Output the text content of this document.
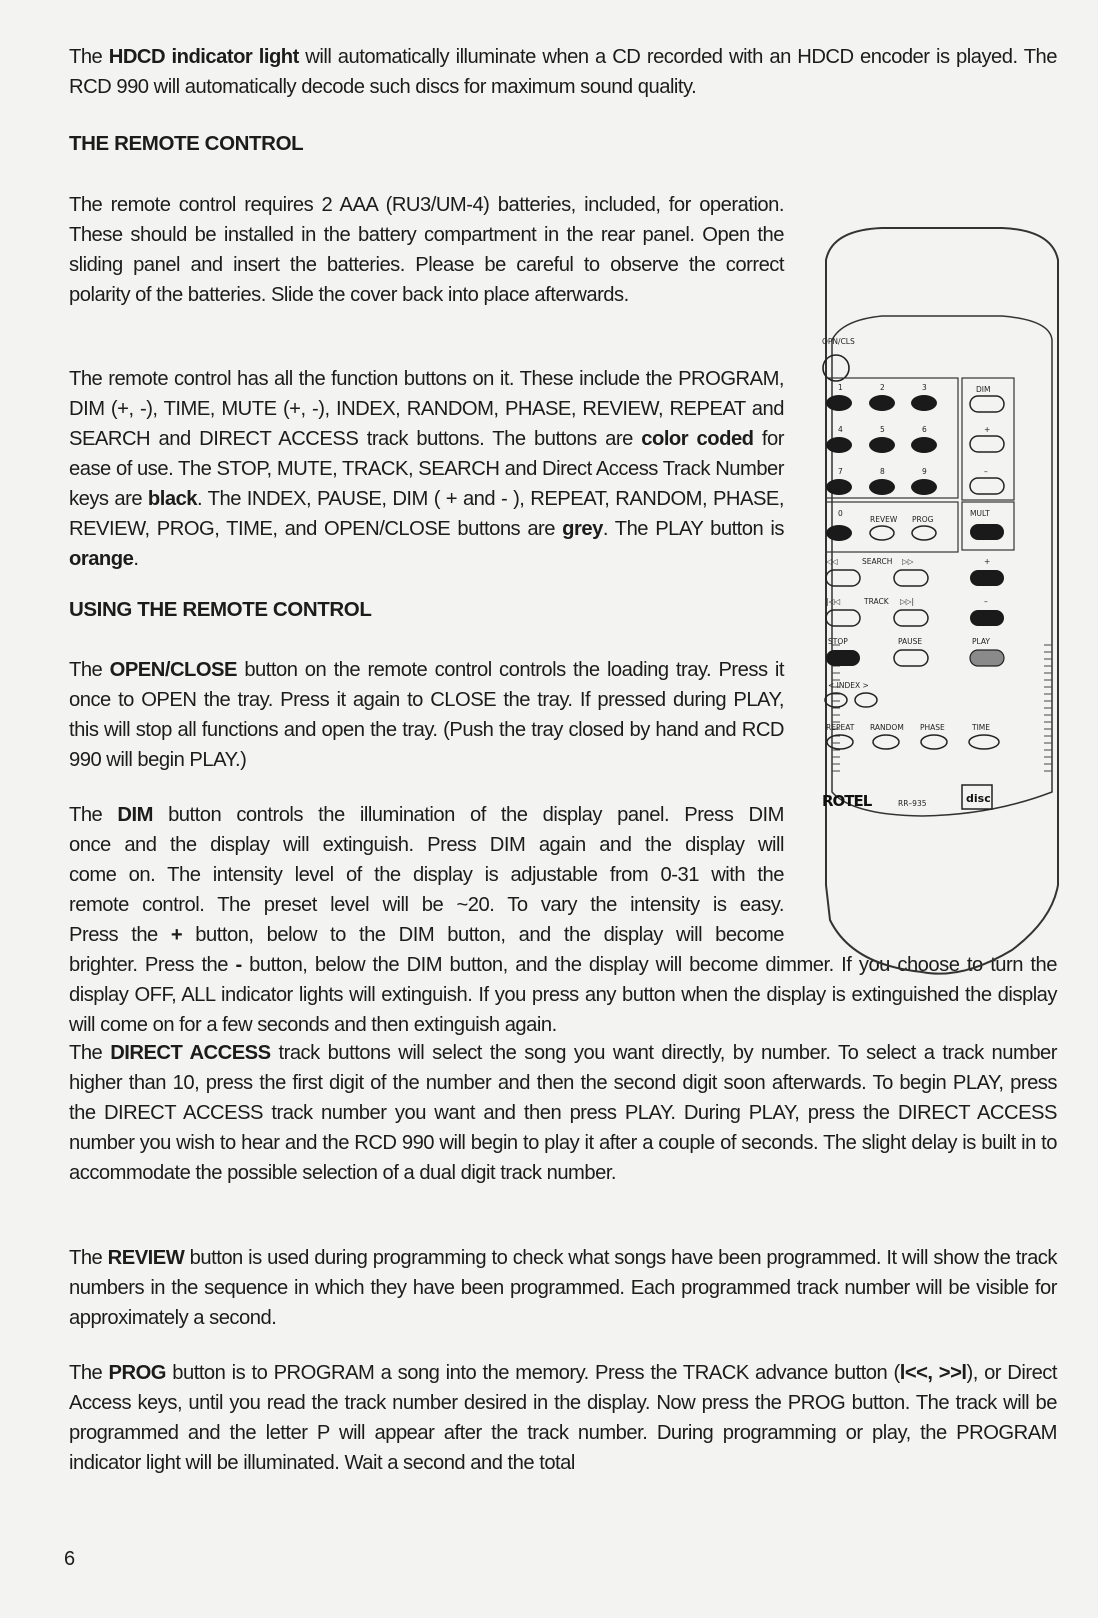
The HDCD indicator light will automatically illuminate when a CD recorded with an HDCD encoder is played. The RCD 990 will automatically decode such discs for maximum sound quality.

THE REMOTE CONTROL

The remote control requires 2 AAA (RU3/UM-4) batteries, included, for operation. These should be installed in the battery compartment in the rear panel. Open the sliding panel and insert the batteries. Please be careful to observe the correct polarity of the batteries. Slide the cover back into place afterwards.

The remote control has all the function buttons on it. These include the PROGRAM, DIM (+, -), TIME, MUTE (+, -), INDEX, RANDOM, PHASE, REVIEW, REPEAT and SEARCH and DIRECT ACCESS track buttons. The buttons are color coded for ease of use. The STOP, MUTE, TRACK, SEARCH and Direct Access Track Number keys are black. The INDEX, PAUSE, DIM ( + and - ), REPEAT, RANDOM, PHASE, REVIEW, PROG, TIME, and OPEN/CLOSE buttons are grey. The PLAY button is orange.

USING THE REMOTE CONTROL

The OPEN/CLOSE button on the remote control controls the loading tray. Press it once to OPEN the tray. Press it again to CLOSE the tray. If pressed during PLAY, this will stop all functions and open the tray. (Push the tray closed by hand and RCD 990 will begin PLAY.)

The DIM button controls the illumination of the display panel. Press DIM
once and the display will extinguish. Press DIM again and the display will
come on. The intensity level of the display is adjustable from 0-31 with the
remote control. The preset level will be ~20. To vary the intensity is easy.
Press the + button, below to the DIM button, and the display will become

brighter. Press the - button, below the DIM button, and the display will become dimmer. If you choose to turn the display OFF, ALL indicator lights will extinguish. If you press any button when the display is extinguished the display will come on for a few seconds and then extinguish again.

The DIRECT ACCESS track buttons will select the song you want directly, by number. To select a track number higher than 10, press the first digit of the number and then the second digit soon afterwards. To begin PLAY, press the DIRECT ACCESS track number you want and then press PLAY. During PLAY, press the DIRECT ACCESS number you wish to hear and the RCD 990 will begin to play it after a couple of seconds. The slight delay is built in to accommodate the possible selection of a dual digit track number.

The REVIEW button is used during programming to check what songs have been programmed. It will show the track numbers in the sequence in which they have been programmed. Each programmed track number will be visible for approximately a second.

The PROG button is to PROGRAM a song into the memory. Press the TRACK advance button (l<<, >>l), or Direct Access keys, until you read the track number desired in the display. Now press the PROG button. The track will be programmed and the letter P will appear after the track number. During programming or play, the PROGRAM indicator light will be illuminated. Wait a second and the total

6
OPN/CLS
1	2	3
4	5	6
7	8	9
DIM
+
–
0
REVEW PROG
MULT
◁◁	SEARCH ▷▷	+
|◁◁	TRACK ▷▷|	–
STOP	PAUSE	PLAY
< INDEX >
REPEAT RANDOM PHASE	TIME
ROTEL	RR–935	disc
